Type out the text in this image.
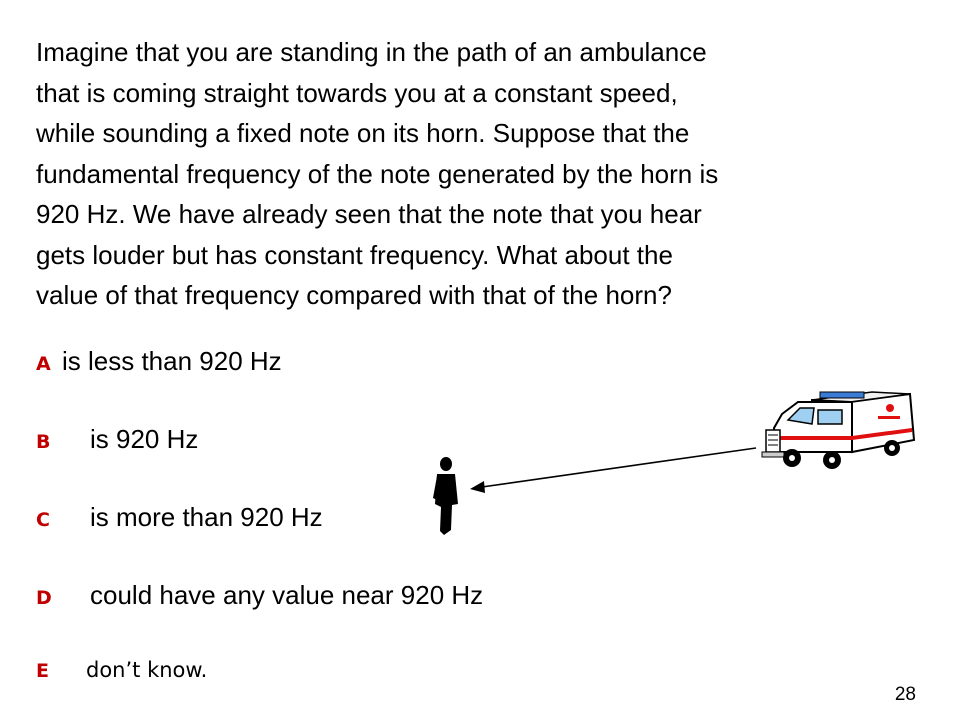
Imagine that you are standing in the path of an ambulance
that is coming straight towards you at a constant speed,
while sounding a fixed note on its horn. Suppose that the
fundamental frequency of the note generated by the horn is
920 Hz. We have already seen that the note that you hear
gets louder but has constant frequency. What about the
value of that frequency compared with that of the horn?
A is less than 920 Hz
B is 920 Hz
C is more than 920 Hz
D could have any value near 920 Hz
E don’t know.
28
